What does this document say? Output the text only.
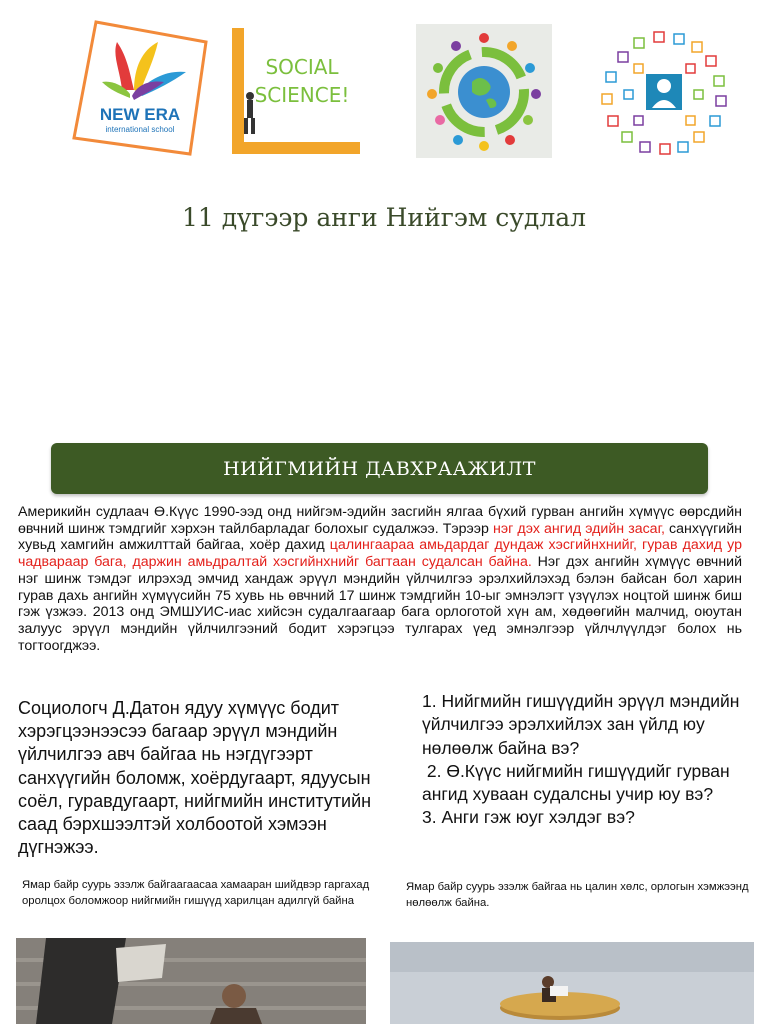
NEW ERA
international school
SOCIAL
SCIENCE!
11 дүгээр анги Нийгэм судлал
НИЙГМИЙН ДАВХРААЖИЛТ
Америкийн судлаач Ө.Күүс 1990-ээд онд нийгэм-эдийн засгийн ялгаа бүхий гурван ангийн хүмүүс өөрсдийн өвчний шинж тэмдгийг хэрхэн тайлбарладаг болохыг судалжээ. Тэрээр нэг дэх ангид эдийн засаг, санхүүгийн хувьд хамгийн амжилттай байгаа, хоёр дахид цалингаараа амьдардаг дундаж хэсгийнхнийг, гурав дахид ур чадвараар бага, даржин амьдралтай хэсгийнхнийг багтаан судалсан байна. Нэг дэх ангийн хүмүүс өвчний нэг шинж тэмдэг илрэхэд эмчид хандаж эрүүл мэндийн үйлчилгээ эрэлхийлэхэд бэлэн байсан бол харин гурав дахь ангийн хүмүүсийн 75 хувь нь өвчний 17 шинж тэмдгийн 10-ыг эмнэлэгт үзүүлэх ноцтой шинж биш гэж үзжээ. 2013 онд ЭМШУИС-иас хийсэн судалгаагаар бага орлоготой хүн ам, хөдөөгийн малчид, оюутан залуус эрүүл мэндийн үйлчилгээний бодит хэрэгцээ тулгарах үед эмнэлгээр үйлчлүүлдэг болох нь тогтоогджээ.
Социологч Д.Датон ядуу хүмүүс бодит хэрэгцээнээсээ багаар эрүүл мэндийн үйлчилгээ авч байгаа нь нэгдүгээрт санхүүгийн боломж, хоёрдугаарт, ядуусын соёл, гуравдугаарт, нийгмийн институтийн саад бэрхшээлтэй холбоотой хэмээн дүгнэжээ.
1. Нийгмийн гишүүдийн эрүүл мэндийн үйлчилгээ эрэлхийлэх зан үйлд юу нөлөөлж байна вэ?
2. Ө.Күүс нийгмийн гишүүдийг гурван ангид хуваан судалсны учир юу вэ?
3. Анги гэж юуг хэлдэг вэ?
Ямар байр суурь эзэлж байгаагаасаа хамааран шийдвэр гаргахад оролцох боломжоор нийгмийн гишүүд харилцан адилгүй байна
Ямар байр суурь эзэлж байгаа нь цалин хөлс, орлогын хэмжээнд нөлөөлж байна.
